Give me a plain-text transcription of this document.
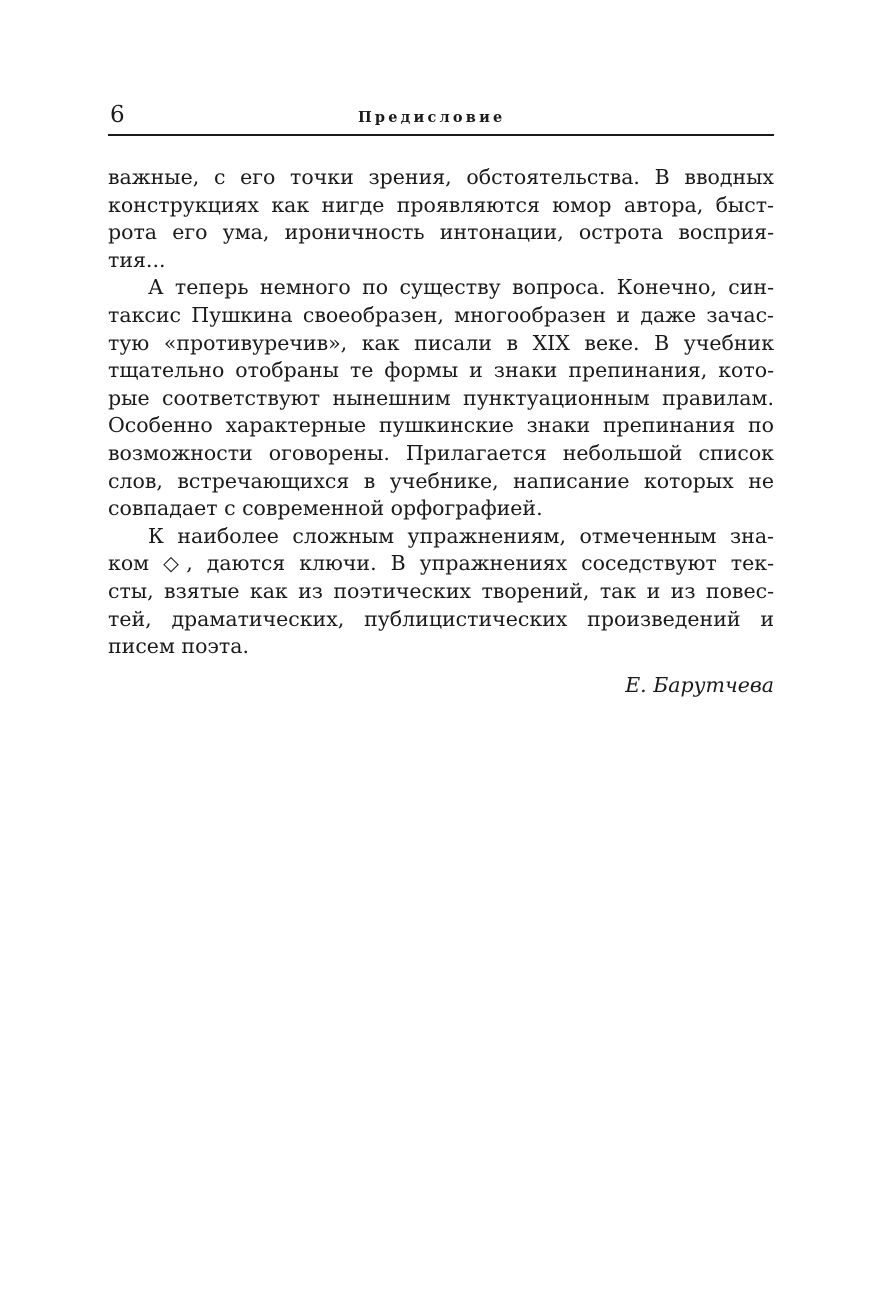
6	Предисловие
важные, с его точки зрения, обстоятельства. В вводных
конструкциях как нигде проявляются юмор автора, быст-
рота его ума, ироничность интонации, острота восприя-
тия...
А теперь немного по существу вопроса. Конечно, син-
таксис Пушкина своеобразен, многообразен и даже зачас-
тую «противуречив», как писали в XIX веке. В учебник
тщательно отобраны те формы и знаки препинания, кото-
рые соответствуют нынешним пунктуационным правилам.
Особенно характерные пушкинские знаки препинания по
возможности оговорены. Прилагается небольшой список
слов, встречающихся в учебнике, написание которых не
совпадает с современной орфографией.
К наиболее сложным упражнениям, отмеченным зна-
ком ◇, даются ключи. В упражнениях соседствуют тек-
сты, взятые как из поэтических творений, так и из повес-
тей, драматических, публицистических произведений и
писем поэта.
Е. Барутчева
